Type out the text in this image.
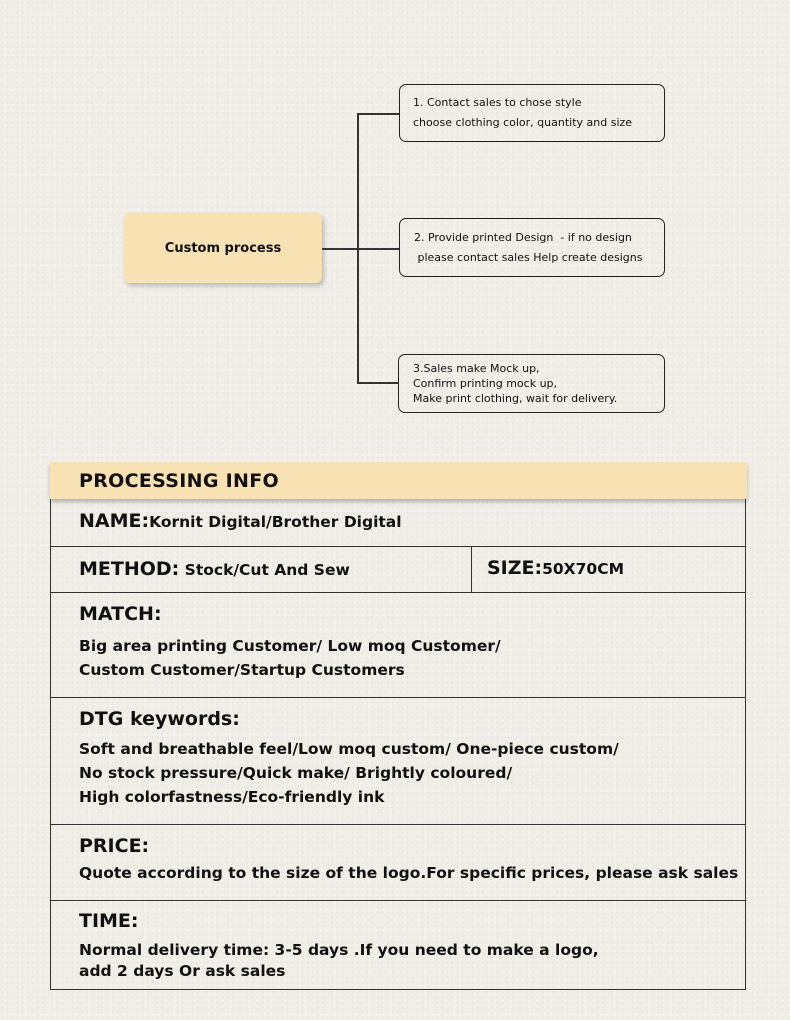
Custom process
1. Contact sales to chose style
choose clothing color, quantity and size
2. Provide printed Design  - if no design
please contact sales Help create designs
3.Sales make Mock up,
Confirm printing mock up,
Make print clothing, wait for delivery.
PROCESSING INFO
NAME:Kornit Digital/Brother Digital
METHOD: Stock/Cut And Sew	SIZE:50X70CM
MATCH:
Big area printing Customer/ Low moq Customer/
Custom Customer/Startup Customers
DTG keywords:
Soft and breathable feel/Low moq custom/ One-piece custom/
No stock pressure/Quick make/ Brightly coloured/
High colorfastness/Eco-friendly ink
PRICE:
Quote according to the size of the logo.For specific prices, please ask sales
TIME:
Normal delivery time: 3-5 days .If you need to make a logo,
add 2 days Or ask sales
